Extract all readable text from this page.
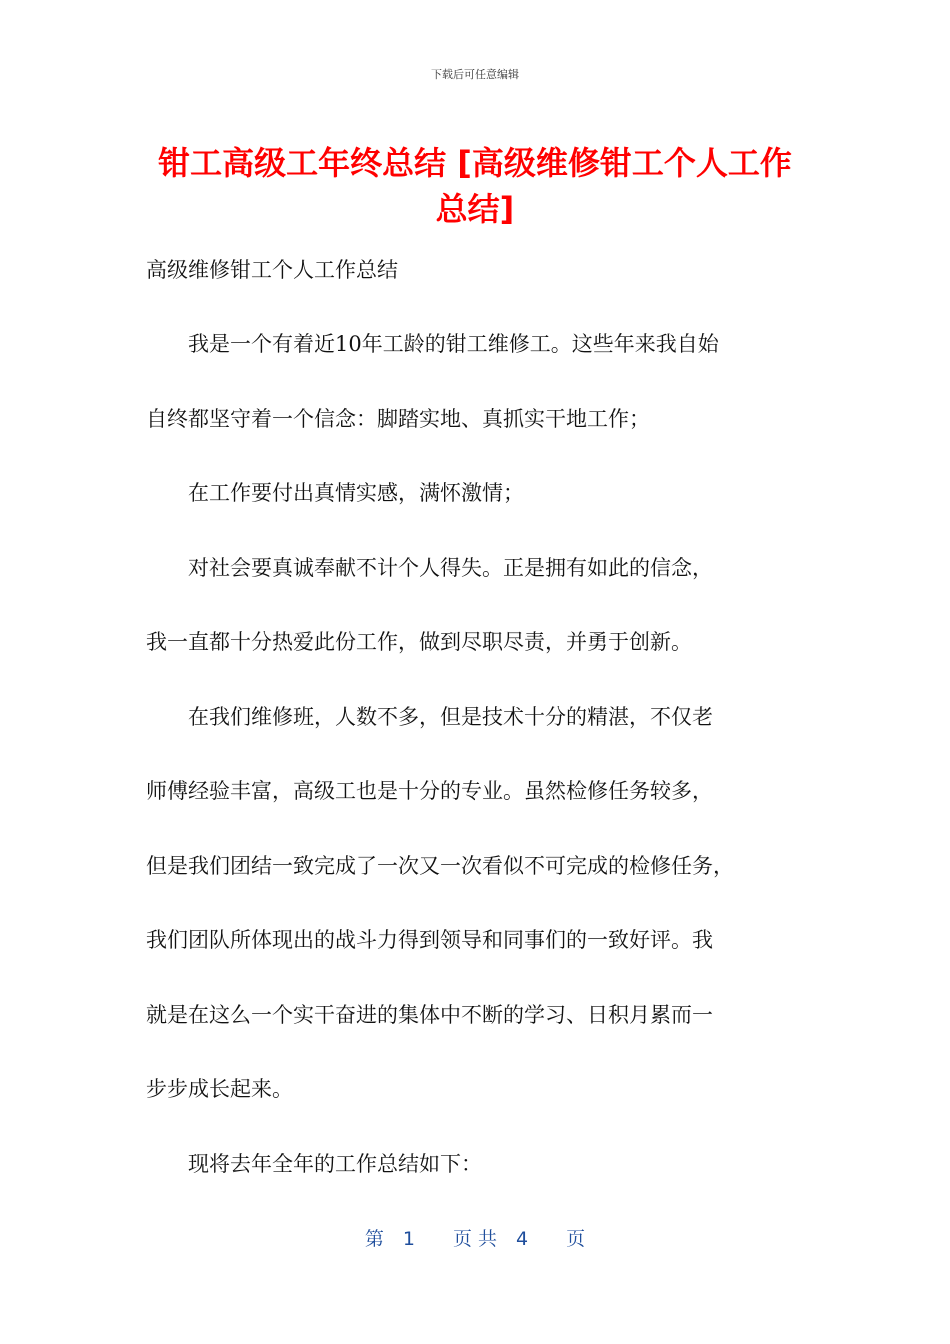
下载后可任意编辑
钳工高级工年终总结 [高级维修钳工个人工作
总结]
高级维修钳工个人工作总结
　　我是一个有着近10年工龄的钳工维修工。这些年来我自始
自终都坚守着一个信念：脚踏实地、真抓实干地工作；
　　在工作要付出真情实感，满怀激情；
　　对社会要真诚奉献不计个人得失。正是拥有如此的信念，
我一直都十分热爱此份工作，做到尽职尽责，并勇于创新。
　　在我们维修班，人数不多，但是技术十分的精湛，不仅老
师傅经验丰富，高级工也是十分的专业。虽然检修任务较多，
但是我们团结一致完成了一次又一次看似不可完成的检修任务，
我们团队所体现出的战斗力得到领导和同事们的一致好评。我
就是在这么一个实干奋进的集体中不断的学习、日积月累而一
步步成长起来。
　　现将去年全年的工作总结如下：
第　1　　页 共　4　　页
